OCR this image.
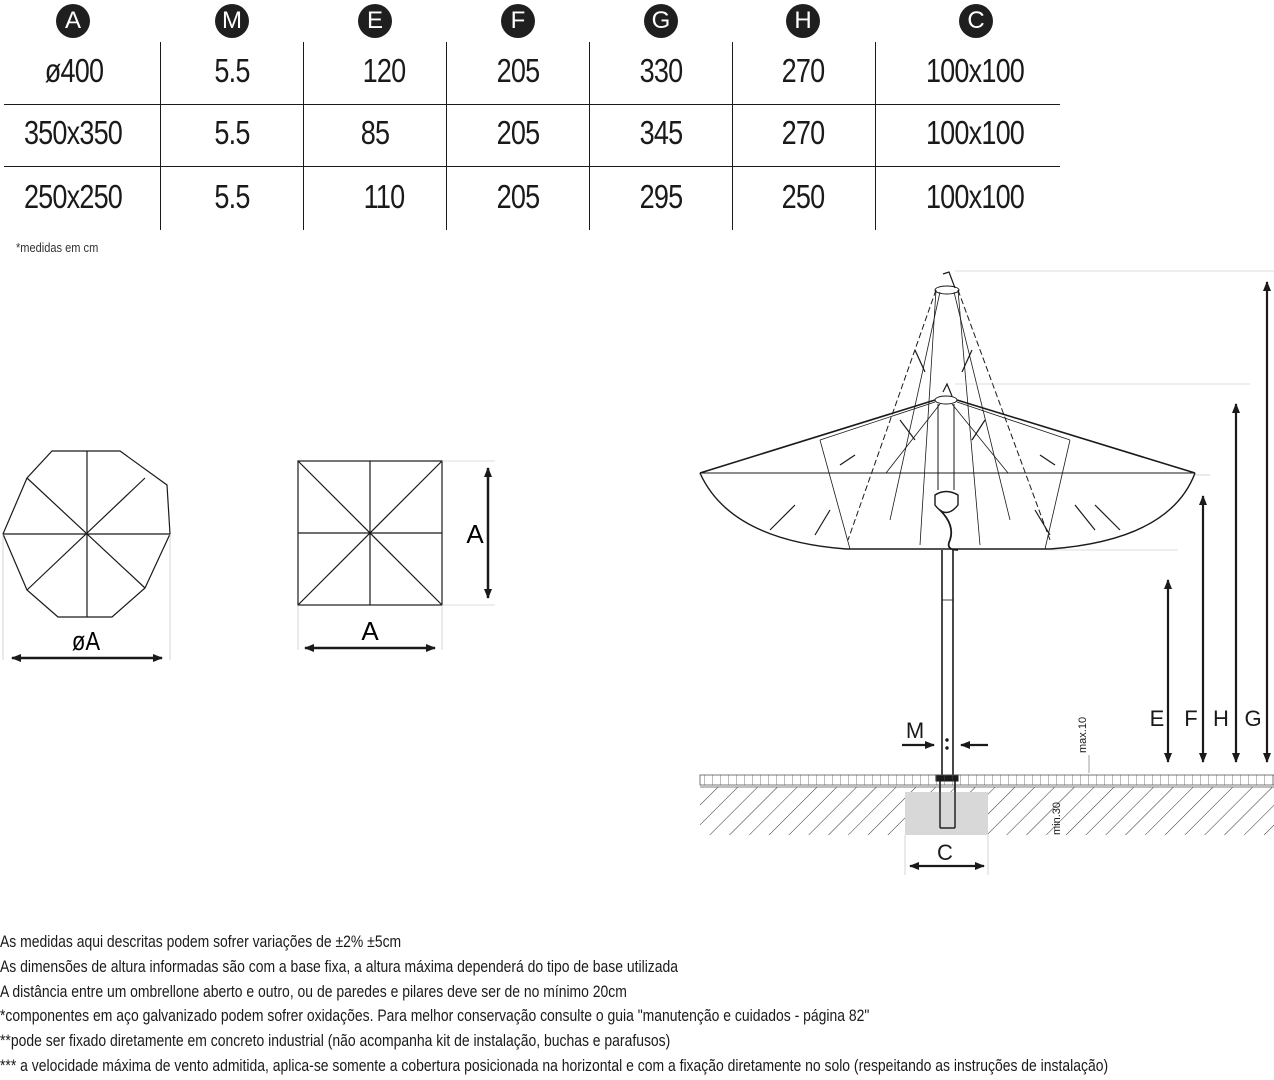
A	M	E	F	G	H	C
ø400	5.5	120	205	330	270	100x100
350x350	5.5	85	205	345	270	100x100
250x250	5.5	110	205	295	250	100x100
*medidas em cm
øA
A
A
E F H G
M
C
max.10
min.30
As medidas aqui descritas podem sofrer variações de ±2% ±5cm
As dimensões de altura informadas são com a base fixa, a altura máxima dependerá do tipo de base utilizada
A distância entre um ombrellone aberto e outro, ou de paredes e pilares deve ser de no mínimo 20cm
*componentes em aço galvanizado podem sofrer oxidações. Para melhor conservação consulte o guia "manutenção e cuidados - página 82"
**pode ser fixado diretamente em concreto industrial (não acompanha kit de instalação, buchas e parafusos)
*** a velocidade máxima de vento admitida, aplica-se somente a cobertura posicionada na horizontal e com a fixação diretamente no solo (respeitando as instruções de instalação)
